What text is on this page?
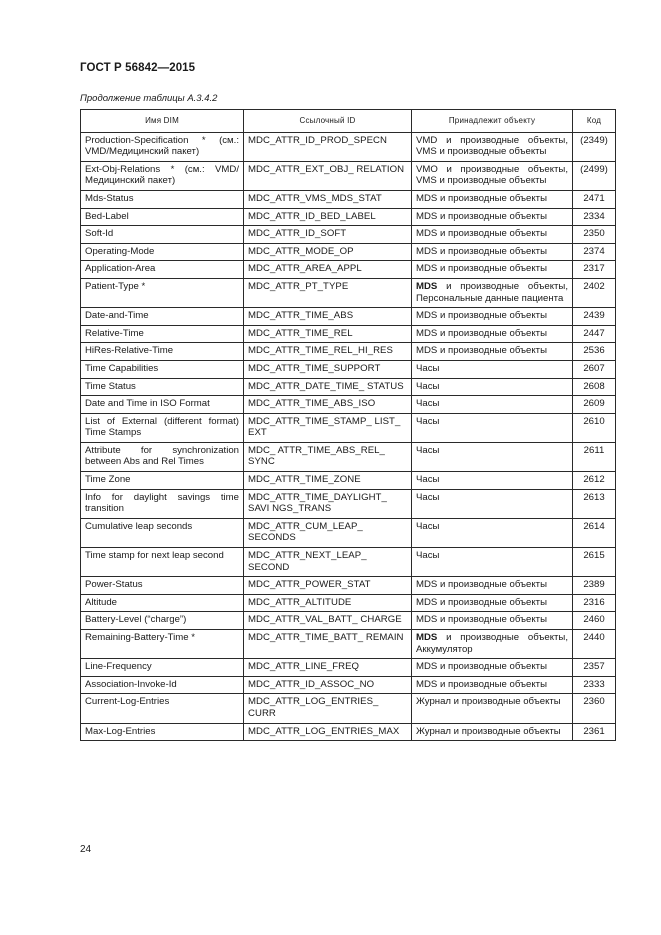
ГОСТ Р 56842—2015
Продолжение таблицы А.3.4.2
Имя DIM	Ссылочный ID	Принадлежит объекту	Код
Production-Specification * (см.: VMD/Медицинский пакет)	MDC_ATTR_ID_PROD_SPECN	VMD и производные объекты, VMS и производные объекты	(2349)
Ext-Obj-Relations * (см.: VMD/ Медицинский пакет)	MDC_ATTR_EXT_OBJ_ RELATION	VMO и производные объекты, VMS и производные объекты	(2499)
Mds-Status	MDC_ATTR_VMS_MDS_STAT	MDS и производные объекты	2471
Bed-Label	MDC_ATTR_ID_BED_LABEL	MDS и производные объекты	2334
Soft-Id	MDC_ATTR_ID_SOFT	MDS и производные объекты	2350
Operating-Mode	MDC_ATTR_MODE_OP	MDS и производные объекты	2374
Application-Area	MDC_ATTR_AREA_APPL	MDS и производные объекты	2317
Patient-Type *	MDC_ATTR_PT_TYPE	MDS и производные объекты, Персональные данные пациента	2402
Date-and-Time	MDC_ATTR_TIME_ABS	MDS и производные объекты	2439
Relative-Time	MDC_ATTR_TIME_REL	MDS и производные объекты	2447
HiRes-Relative-Time	MDC_ATTR_TIME_REL_HI_RES	MDS и производные объекты	2536
Time Capabilities	MDC_ATTR_TIME_SUPPORT	Часы	2607
Time Status	MDC_ATTR_DATE_TIME_ STATUS	Часы	2608
Date and Time in ISO Format	MDC_ATTR_TIME_ABS_ISO	Часы	2609
List of External (different format) Time Stamps	MDC_ATTR_TIME_STAMP_ LIST_ EXT	Часы	2610
Attribute for synchronization between Abs and Rel Times	MDC_ ATTR_TIME_ABS_REL_ SYNC	Часы	2611
Time Zone	MDC_ATTR_TIME_ZONE	Часы	2612
Info for daylight savings time transition	MDC_ATTR_TIME_DAYLIGHT_ SAVI NGS_TRANS	Часы	2613
Cumulative leap seconds	MDC_ATTR_CUM_LEAP_ SECONDS	Часы	2614
Time stamp for next leap second	MDC_ATTR_NEXT_LEAP_ SECOND	Часы	2615
Power-Status	MDC_ATTR_POWER_STAT	MDS и производные объекты	2389
Altitude	MDC_ATTR_ALTITUDE	MDS и производные объекты	2316
Battery-Level (“charge”)	MDC_ATTR_VAL_BATT_ CHARGE	MDS и производные объекты	2460
Remaining-Battery-Time *	MDC_ATTR_TIME_BATT_ REMAIN	MDS и производные объекты, Аккумулятор	2440
Line-Frequency	MDC_ATTR_LINE_FREQ	MDS и производные объекты	2357
Association-Invoke-Id	MDC_ATTR_ID_ASSOC_NO	MDS и производные объекты	2333
Current-Log-Entries	MDC_ATTR_LOG_ENTRIES_ CURR	Журнал и производные объекты	2360
Max-Log-Entries	MDC_ATTR_LOG_ENTRIES_MAX	Журнал и производные объекты	2361
24
